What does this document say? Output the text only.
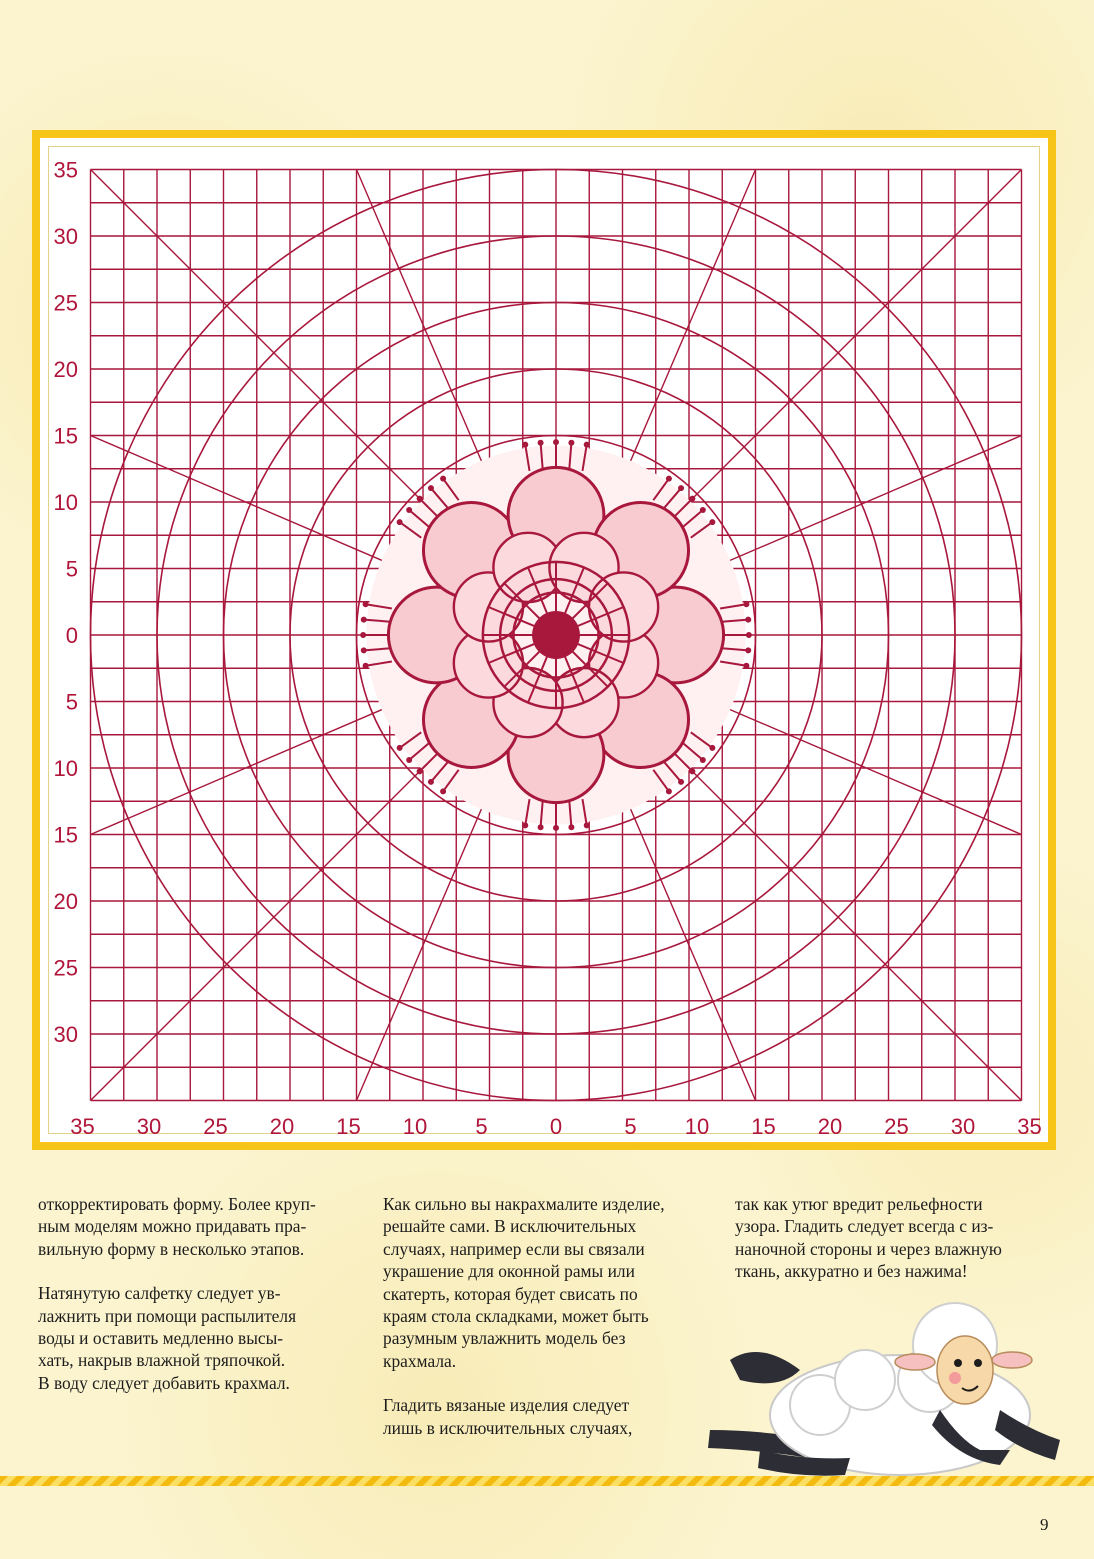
35
30
25
20
15
10
5
0
5
10
15
20
25
30
35 30 25 20 15 10 5	0	5 10 15 20 25 30 35

откорректировать форму. Более круп-
ным моделям можно придавать пра-
вильную форму в несколько этапов.

Натянутую салфетку следует ув-
лажнить при помощи распылителя
воды и оставить медленно высы-
хать, накрыв влажной тряпочкой.
В воду следует добавить крахмал.

Как сильно вы накрахмалите изделие,
решайте сами. В исключительных
случаях, например если вы связали
украшение для оконной рамы или
скатерть, которая будет свисать по
краям стола складками, может быть
разумным увлажнить модель без
крахмала.

Гладить вязаные изделия следует
лишь в исключительных случаях,

так как утюг вредит рельефности
узора. Гладить следует всегда с из-
наночной стороны и через влажную
ткань, аккуратно и без нажима!

9
